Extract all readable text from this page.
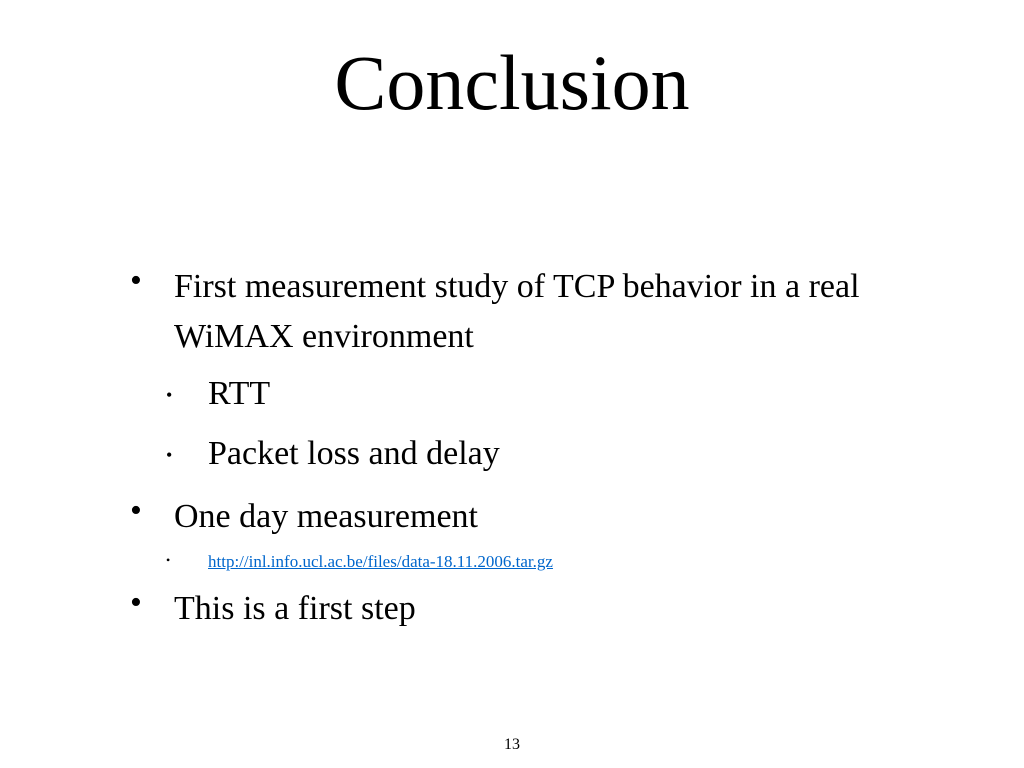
Conclusion
• First measurement study of TCP behavior in a real WiMAX environment
• RTT
• Packet loss and delay
• One day measurement
• http://inl.info.ucl.ac.be/files/data-18.11.2006.tar.gz
• This is a first step
13
